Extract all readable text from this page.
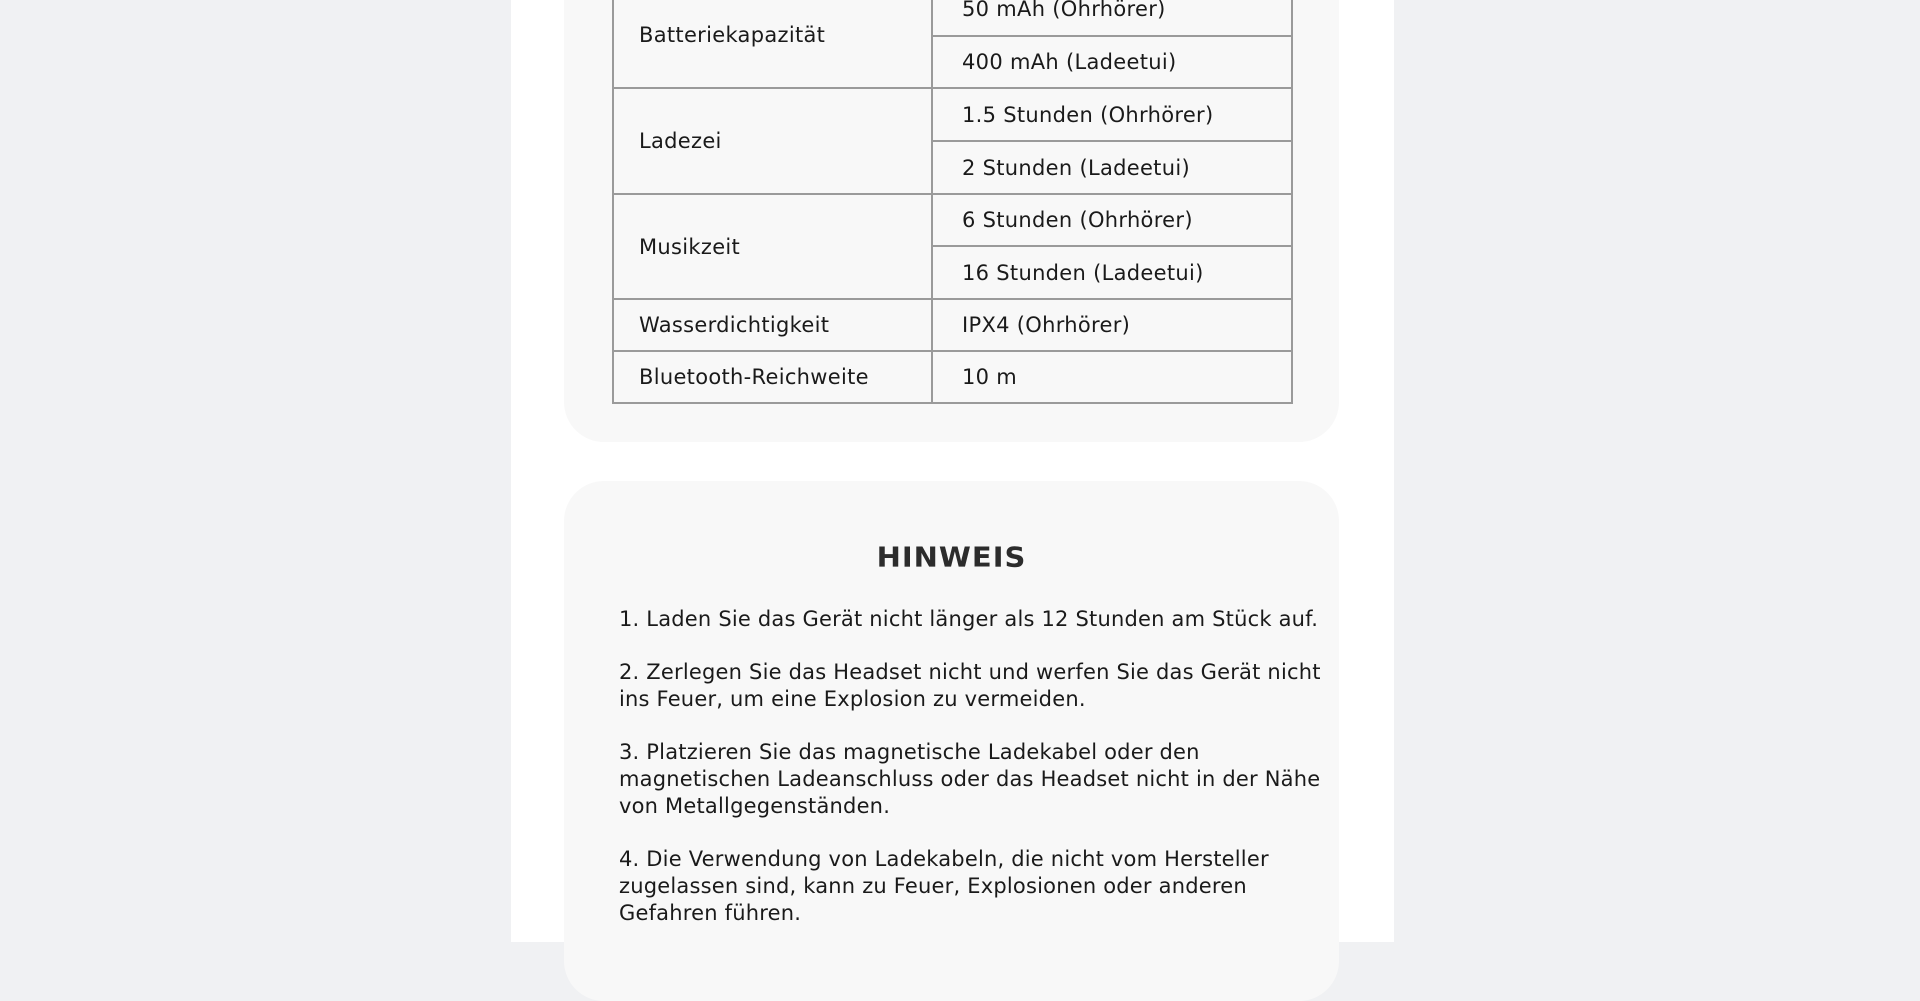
Batteriekapazität	50 mAh (Ohrhörer)
	400 mAh (Ladeetui)
Ladezei	1.5 Stunden (Ohrhörer)
	2 Stunden (Ladeetui)
Musikzeit	6 Stunden (Ohrhörer)
	16 Stunden (Ladeetui)
Wasserdichtigkeit	IPX4 (Ohrhörer)
Bluetooth-Reichweite	10 m
HINWEIS
1. Laden Sie das Gerät nicht länger als 12 Stunden am Stück auf.
2. Zerlegen Sie das Headset nicht und werfen Sie das Gerät nicht ins Feuer, um eine Explosion zu vermeiden.
3. Platzieren Sie das magnetische Ladekabel oder den magnetischen Ladeanschluss oder das Headset nicht in der Nähe von Metallgegenständen.
4. Die Verwendung von Ladekabeln, die nicht vom Hersteller zugelassen sind, kann zu Feuer, Explosionen oder anderen Gefahren führen.
